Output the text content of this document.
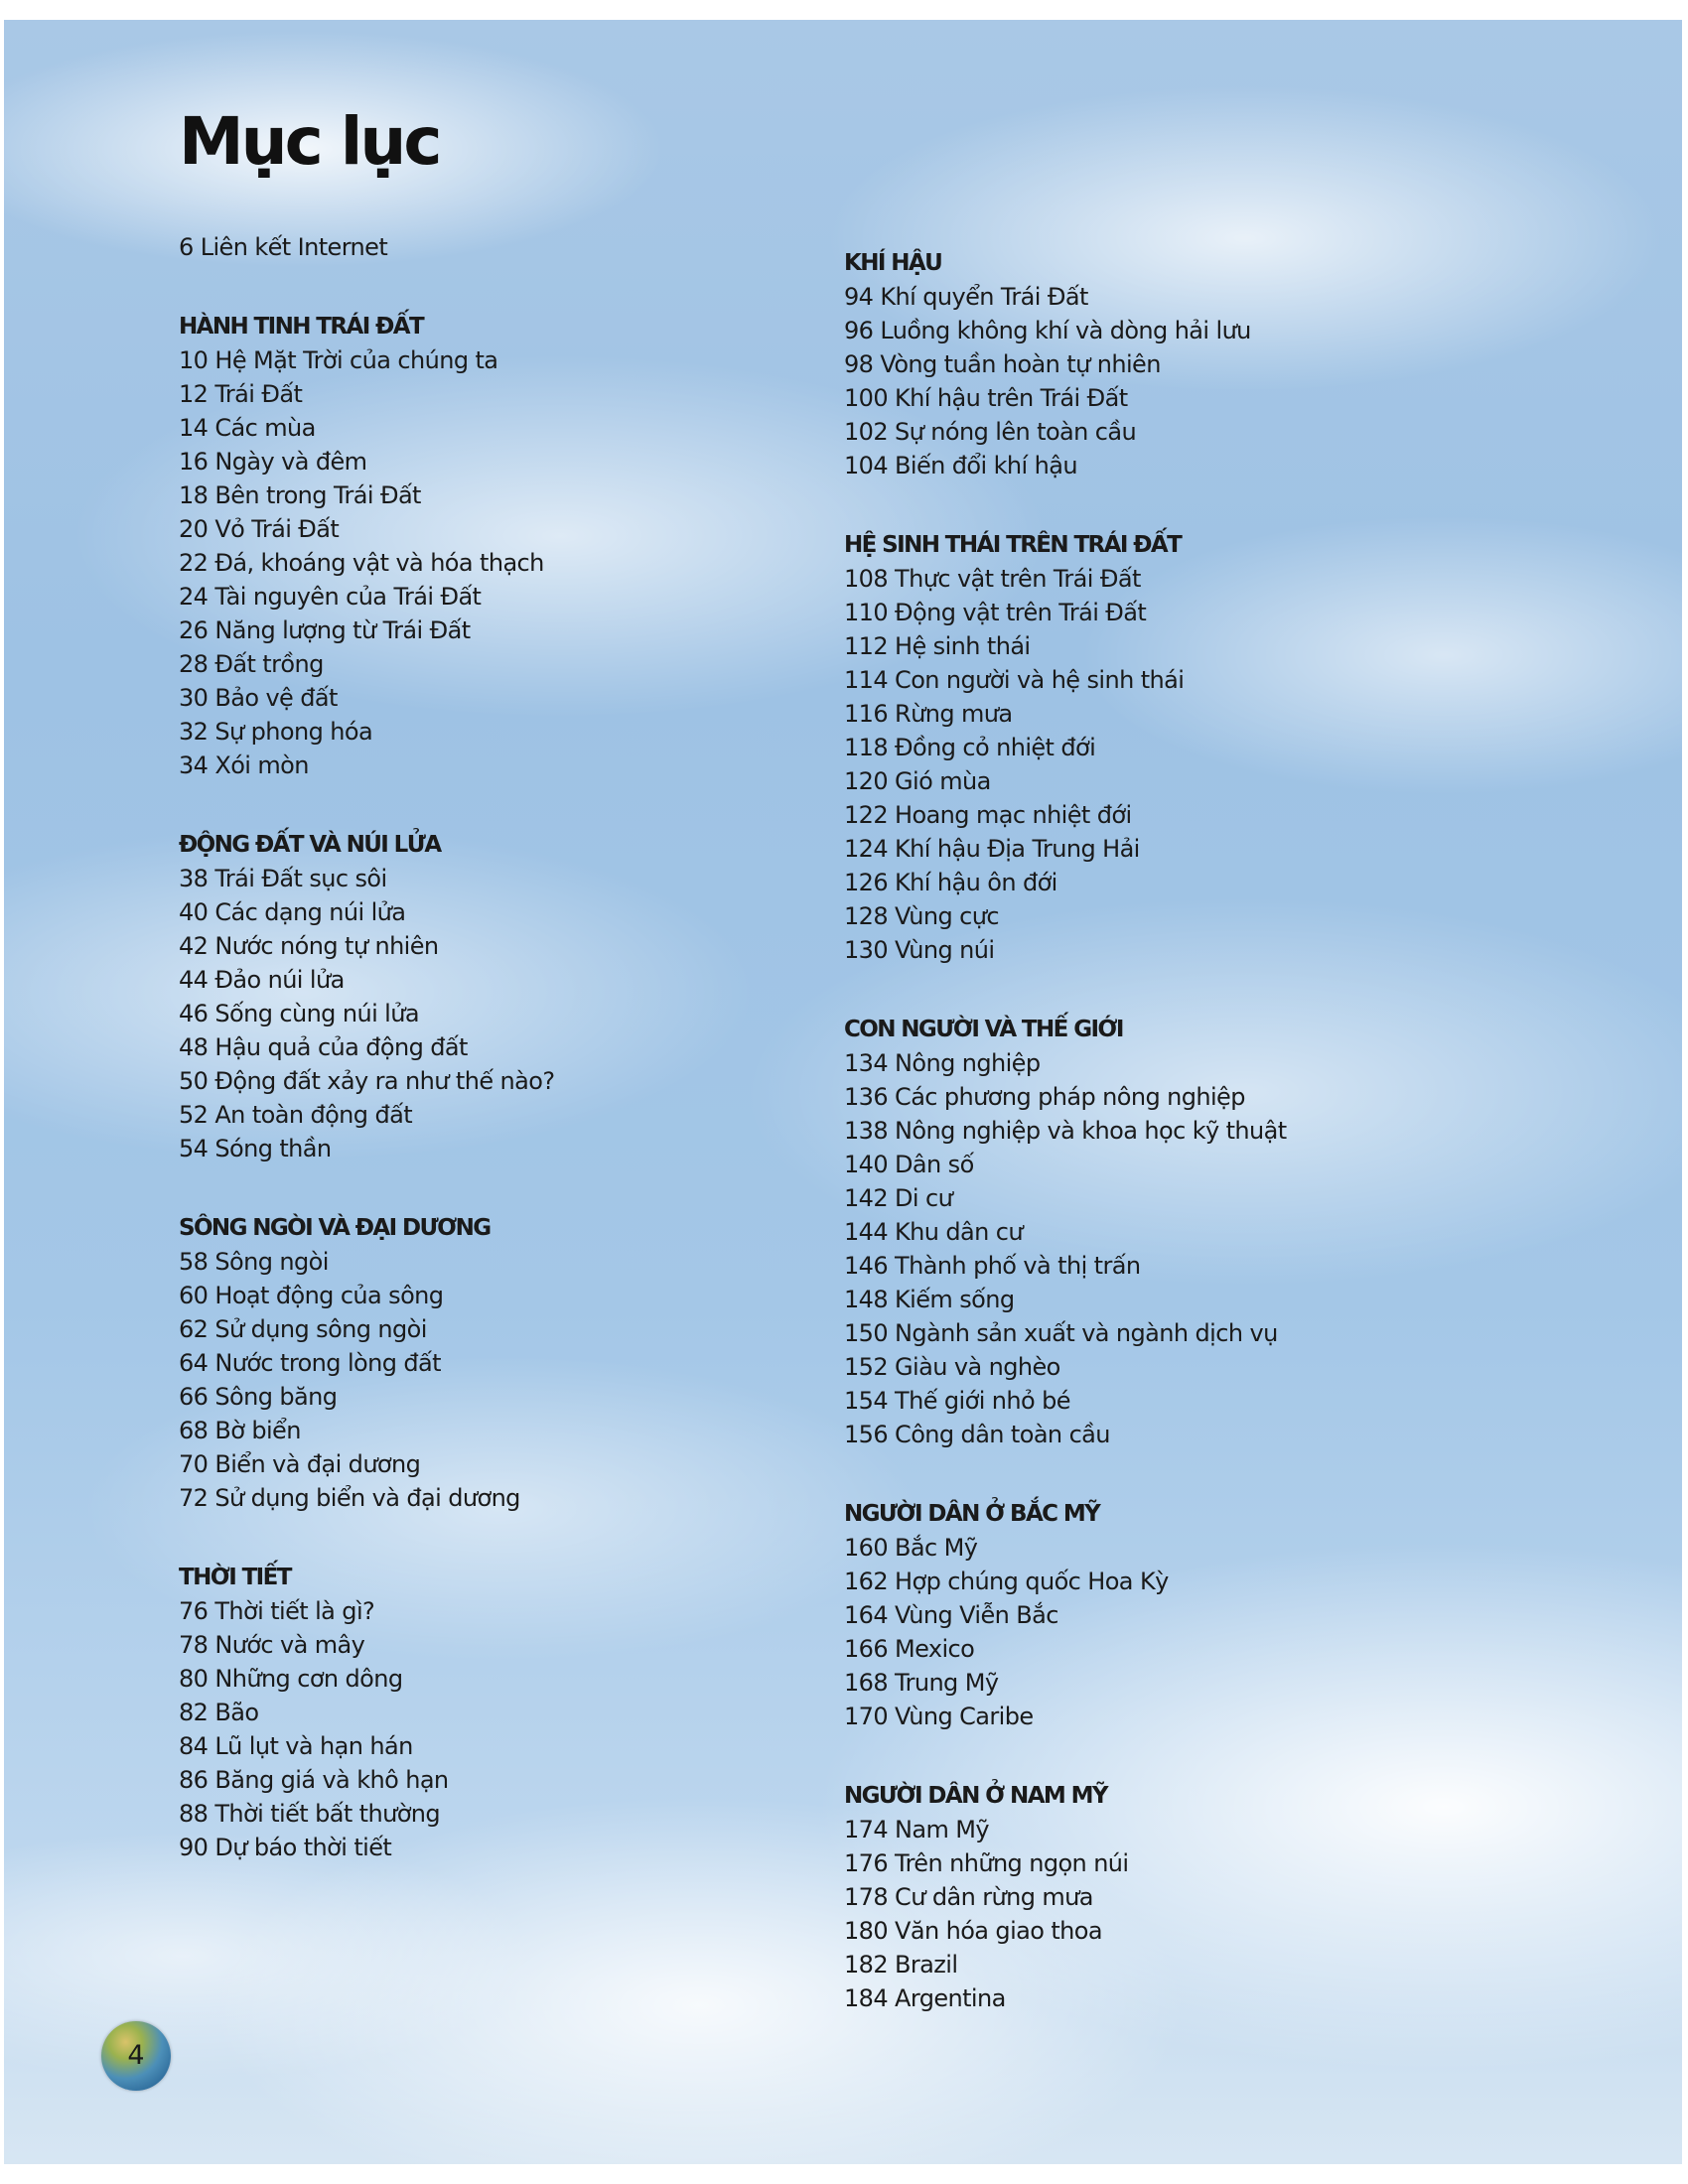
Mục lục
6 Liên kết Internet
HÀNH TINH TRÁI ĐẤT
10 Hệ Mặt Trời của chúng ta
12 Trái Đất
14 Các mùa
16 Ngày và đêm
18 Bên trong Trái Đất
20 Vỏ Trái Đất
22 Đá, khoáng vật và hóa thạch
24 Tài nguyên của Trái Đất
26 Năng lượng từ Trái Đất
28 Đất trồng
30 Bảo vệ đất
32 Sự phong hóa
34 Xói mòn
ĐỘNG ĐẤT VÀ NÚI LỬA
38 Trái Đất sục sôi
40 Các dạng núi lửa
42 Nước nóng tự nhiên
44 Đảo núi lửa
46 Sống cùng núi lửa
48 Hậu quả của động đất
50 Động đất xảy ra như thế nào?
52 An toàn động đất
54 Sóng thần
SÔNG NGÒI VÀ ĐẠI DƯƠNG
58 Sông ngòi
60 Hoạt động của sông
62 Sử dụng sông ngòi
64 Nước trong lòng đất
66 Sông băng
68 Bờ biển
70 Biển và đại dương
72 Sử dụng biển và đại dương
THỜI TIẾT
76 Thời tiết là gì?
78 Nước và mây
80 Những cơn dông
82 Bão
84 Lũ lụt và hạn hán
86 Băng giá và khô hạn
88 Thời tiết bất thường
90 Dự báo thời tiết
KHÍ HẬU
94 Khí quyển Trái Đất
96 Luồng không khí và dòng hải lưu
98 Vòng tuần hoàn tự nhiên
100 Khí hậu trên Trái Đất
102 Sự nóng lên toàn cầu
104 Biến đổi khí hậu
HỆ SINH THÁI TRÊN TRÁI ĐẤT
108 Thực vật trên Trái Đất
110 Động vật trên Trái Đất
112 Hệ sinh thái
114 Con người và hệ sinh thái
116 Rừng mưa
118 Đồng cỏ nhiệt đới
120 Gió mùa
122 Hoang mạc nhiệt đới
124 Khí hậu Địa Trung Hải
126 Khí hậu ôn đới
128 Vùng cực
130 Vùng núi
CON NGƯỜI VÀ THẾ GIỚI
134 Nông nghiệp
136 Các phương pháp nông nghiệp
138 Nông nghiệp và khoa học kỹ thuật
140 Dân số
142 Di cư
144 Khu dân cư
146 Thành phố và thị trấn
148 Kiếm sống
150 Ngành sản xuất và ngành dịch vụ
152 Giàu và nghèo
154 Thế giới nhỏ bé
156 Công dân toàn cầu
NGƯỜI DÂN Ở BẮC MỸ
160 Bắc Mỹ
162 Hợp chúng quốc Hoa Kỳ
164 Vùng Viễn Bắc
166 Mexico
168 Trung Mỹ
170 Vùng Caribe
NGƯỜI DÂN Ở NAM MỸ
174 Nam Mỹ
176 Trên những ngọn núi
178 Cư dân rừng mưa
180 Văn hóa giao thoa
182 Brazil
184 Argentina
4
